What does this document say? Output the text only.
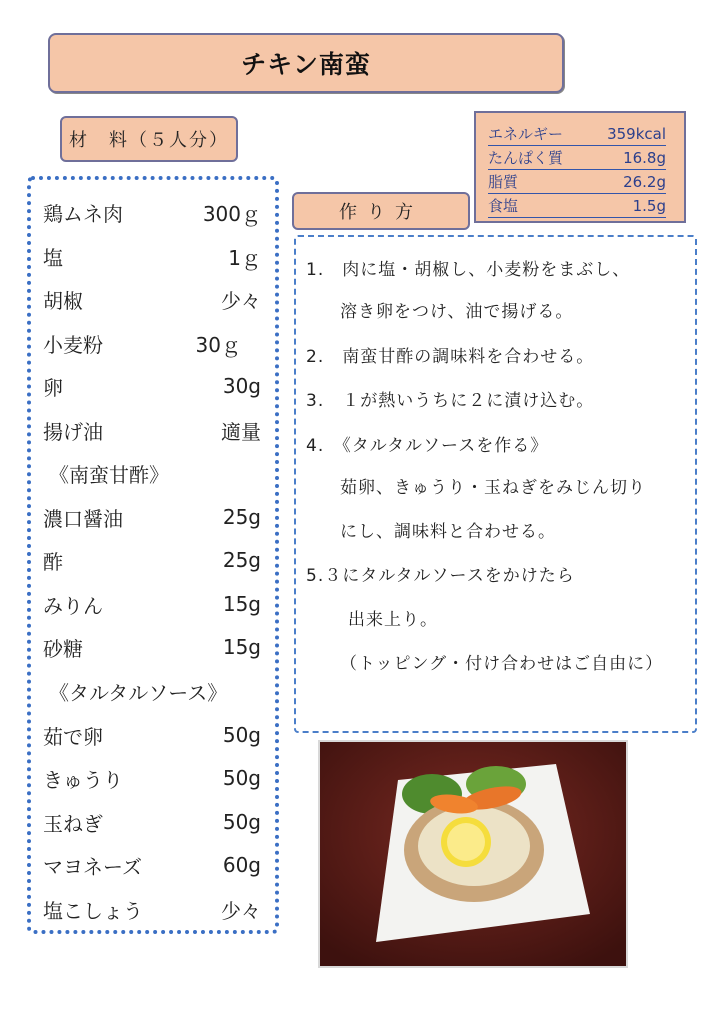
チキン南蛮
材　料（５人分）	エネルギー	359kcal
たんぱく質	16.8g
脂質	26.2g
食塩	1.5g
作り方
鶏ムネ肉	300ｇ
塩	1ｇ
胡椒	少々
小麦粉	30ｇ
卵	30g
揚げ油	適量
《南蛮甘酢》
濃口醤油	25g
酢	25g
みりん	15g
砂糖	15g
《タルタルソース》
茹で卵	50g
きゅうり	50g
玉ねぎ	50g
マヨネーズ	60g
塩こしょう	少々
1.　肉に塩・胡椒し、小麦粉をまぶし、
溶き卵をつけ、油で揚げる。
2.　南蛮甘酢の調味料を合わせる。
3.　１が熱いうちに２に漬け込む。
4.　《タルタルソースを作る》
茹卵、きゅうり・玉ねぎをみじん切り
にし、調味料と合わせる。
5.３にタルタルソースをかけたら
出来上り。
（トッピング・付け合わせはご自由に）
